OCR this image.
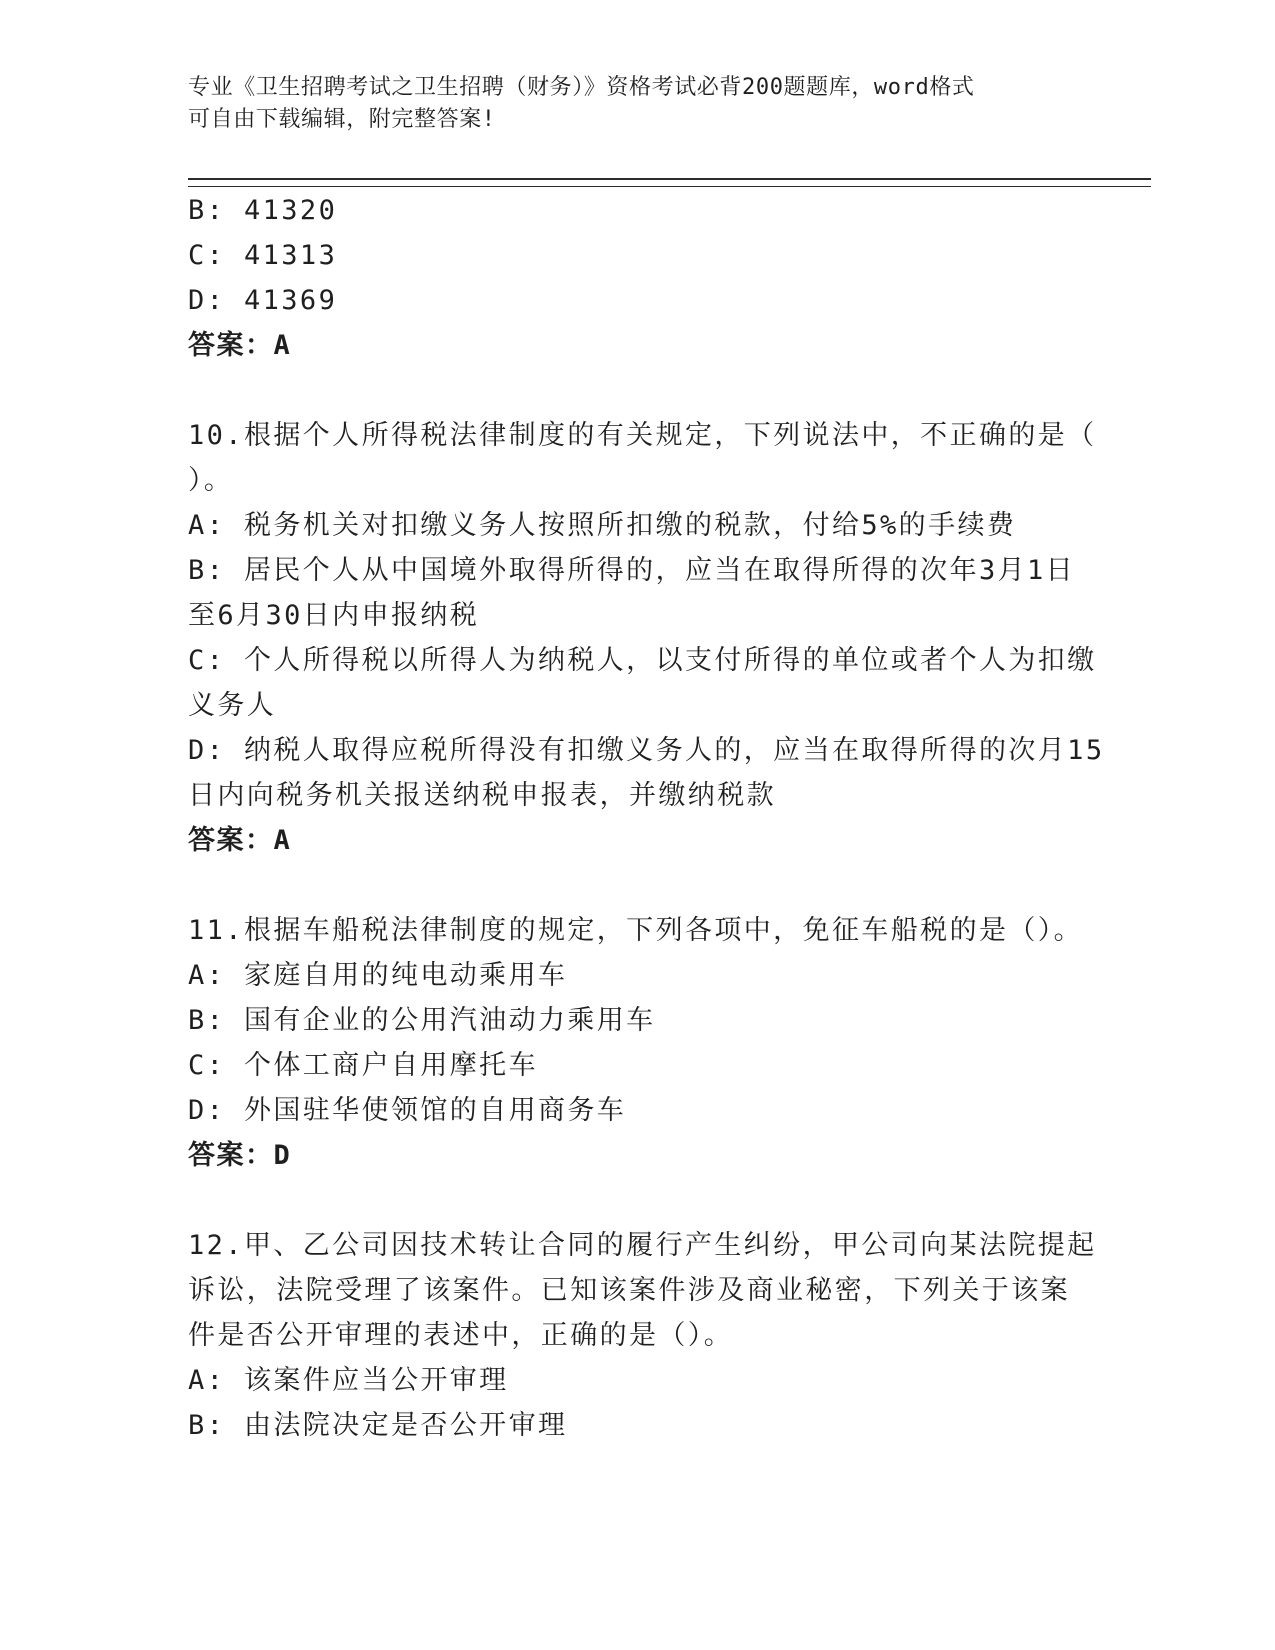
专业《卫生招聘考试之卫生招聘（财务）》资格考试必背200题题库，word格式
可自由下载编辑，附完整答案!
B: 41320
C: 41313
D: 41369
答案：A
10.根据个人所得税法律制度的有关规定，下列说法中，不正确的是（
）。
A: 税务机关对扣缴义务人按照所扣缴的税款，付给5%的手续费
B: 居民个人从中国境外取得所得的，应当在取得所得的次年3月1日
至6月30日内申报纳税
C: 个人所得税以所得人为纳税人，以支付所得的单位或者个人为扣缴
义务人
D: 纳税人取得应税所得没有扣缴义务人的，应当在取得所得的次月15
日内向税务机关报送纳税申报表，并缴纳税款
答案：A
11.根据车船税法律制度的规定，下列各项中，免征车船税的是（）。
A: 家庭自用的纯电动乘用车
B: 国有企业的公用汽油动力乘用车
C: 个体工商户自用摩托车
D: 外国驻华使领馆的自用商务车
答案：D
12.甲、乙公司因技术转让合同的履行产生纠纷，甲公司向某法院提起
诉讼，法院受理了该案件。已知该案件涉及商业秘密，下列关于该案
件是否公开审理的表述中，正确的是（）。
A: 该案件应当公开审理
B: 由法院决定是否公开审理
